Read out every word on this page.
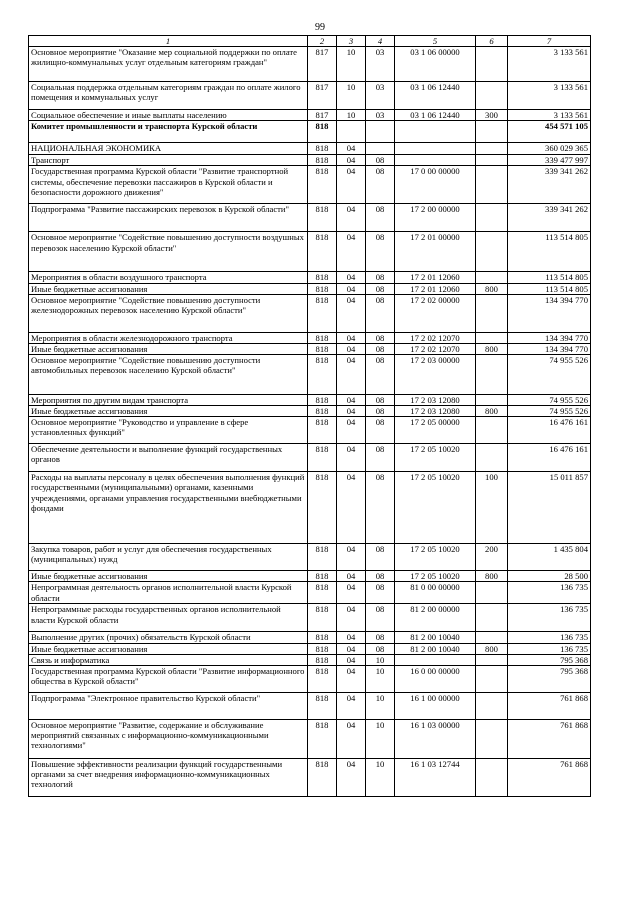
99
1	2	3	4	5	6	7
Основное мероприятие "Оказание мер социальной поддержки по оплате жилищно-коммунальных услуг отдельным категориям граждан"	817	10	03	03 1 06 00000		3 133 561
Социальная поддержка отдельным категориям граждан по оплате жилого помещения и коммунальных услуг	817	10	03	03 1 06 12440		3 133 561
Социальное обеспечение и иные выплаты населению	817	10	03	03 1 06 12440	300	3 133 561
Комитет промышленности и транспорта Курской области	818					454 571 105
НАЦИОНАЛЬНАЯ ЭКОНОМИКА	818	04				360 029 365
Транспорт	818	04	08			339 477 997
Государственная программа Курской области "Развитие транспортной системы, обеспечение перевозки пассажиров в Курской области и безопасности дорожного движения"	818	04	08	17 0 00 00000		339 341 262
Подпрограмма "Развитие пассажирских перевозок в Курской области"	818	04	08	17 2 00 00000		339 341 262
Основное мероприятие "Содействие повышению доступности воздушных перевозок населению Курской области"	818	04	08	17 2 01 00000		113 514 805
Мероприятия в области воздушного транспорта	818	04	08	17 2 01 12060		113 514 805
Иные бюджетные ассигнования	818	04	08	17 2 01 12060	800	113 514 805
Основное мероприятие "Содействие повышению доступности железнодорожных перевозок населению Курской области"	818	04	08	17 2 02 00000		134 394 770
Мероприятия в области железнодорожного транспорта	818	04	08	17 2 02 12070		134 394 770
Иные бюджетные ассигнования	818	04	08	17 2 02 12070	800	134 394 770
Основное мероприятие "Содействие повышению доступности автомобильных перевозок населению Курской области"	818	04	08	17 2 03 00000		74 955 526
Мероприятия по другим видам транспорта	818	04	08	17 2 03 12080		74 955 526
Иные бюджетные ассигнования	818	04	08	17 2 03 12080	800	74 955 526
Основное мероприятие "Руководство и управление в сфере установленных функций"	818	04	08	17 2 05 00000		16 476 161
Обеспечение деятельности и выполнение функций государственных органов	818	04	08	17 2 05 10020		16 476 161
Расходы на выплаты персоналу в целях обеспечения выполнения функций государственными (муниципальными) органами, казенными учреждениями, органами управления государственными внебюджетными фондами	818	04	08	17 2 05 10020	100	15 011 857
Закупка товаров, работ и услуг для обеспечения государственных (муниципальных) нужд	818	04	08	17 2 05 10020	200	1 435 804
Иные бюджетные ассигнования	818	04	08	17 2 05 10020	800	28 500
Непрограммная деятельность органов исполнительной власти Курской области	818	04	08	81 0 00 00000		136 735
Непрограммные расходы государственных органов исполнительной власти Курской области	818	04	08	81 2 00 00000		136 735
Выполнение других (прочих) обязательств Курской области	818	04	08	81 2 00 10040		136 735
Иные бюджетные ассигнования	818	04	08	81 2 00 10040	800	136 735
Связь и информатика	818	04	10			795 368
Государственная программа Курской области "Развитие информационного общества в Курской области"	818	04	10	16 0 00 00000		795 368
Подпрограмма "Электронное правительство Курской области"	818	04	10	16 1 00 00000		761 868
Основное мероприятие "Развитие, содержание и обслуживание мероприятий связанных с информационно-коммуникационными технологиями"	818	04	10	16 1 03 00000		761 868
Повышение эффективности реализации функций государственными органами за счет внедрения информационно-коммуникационных технологий	818	04	10	16 1 03 12744		761 868
